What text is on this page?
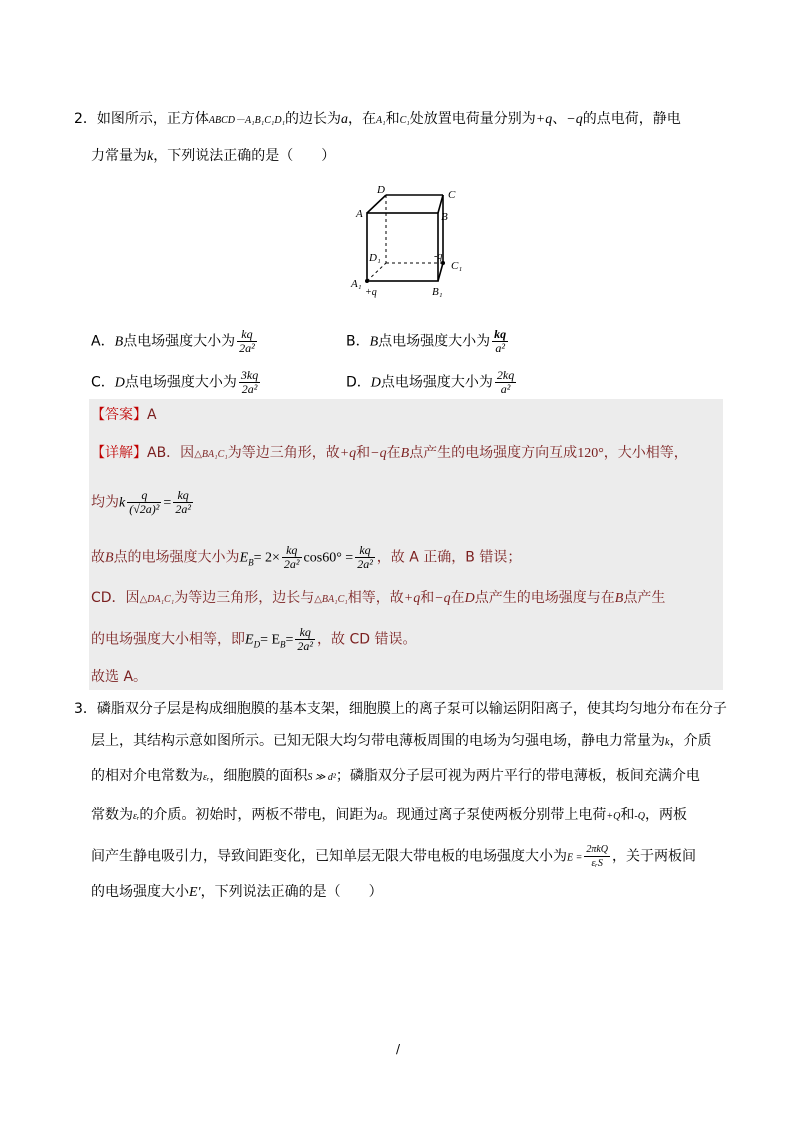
2．如图所示，正方体ABCD－A₁B₁C₁D₁的边长为a，在A₁和C₁处放置电荷量分别为+q、−q的点电荷，静电
力常量为k，下列说法正确的是（　　）
D	C
A	B
D₁	-q
C₁
A₁
+q	B₁
A．B点电场强度大小为 $\frac{kq}{\text{2a²}}$	B．B点电场强度大小为 $\frac{kq}{\text{a²}}$
C．D点电场强度大小为 $\frac{3kq}{\text{2a²}}$	D．D点电场强度大小为 $\frac{2kq}{\text{a²}}$
【答案】A
【详解】AB．因△BA₁C₁为等边三角形，故+q和−q在B点产生的电场强度方向互成120°，大小相等，
均为k $\frac{q}{\text{(√2a)²}} = \frac{kq}{\text{2a²}}$
故B点的电场强度大小为$E_B= 2\times \frac{kq}{\text{2a²}} \cos 60^\circ = \frac{kq}{\text{2a²}}$ ，故 A 正确，B 错误；
CD．因△DA₁C₁为等边三角形，边长与△BA₁C₁相等，故+q和−q在D点产生的电场强度与在B点产生
的电场强度大小相等，即$E_D= E_B= \frac{kq}{\text{2a²}}$ ，故 CD 错误。
故选 A。
3．磷脂双分子层是构成细胞膜的基本支架，细胞膜上的离子泵可以输运阴阳离子，使其均匀地分布在分子
层上，其结构示意如图所示。已知无限大均匀带电薄板周围的电场为匀强电场，静电力常量为k，介质
的相对介电常数为εᵣ，细胞膜的面积S ≫ d²；磷脂双分子层可视为两片平行的带电薄板，板间充满介电
常数为εᵣ的介质。初始时，两板不带电，间距为d。现通过离子泵使两板分别带上电荷+Q和-Q，两板
间产生静电吸引力，导致间距变化，已知单层无限大带电板的电场强度大小为$E = \frac{\text{2πkQ}}{\text{εᵣS}}$ ，关于两板间
的电场强度大小E′，下列说法正确的是（　　）
/
